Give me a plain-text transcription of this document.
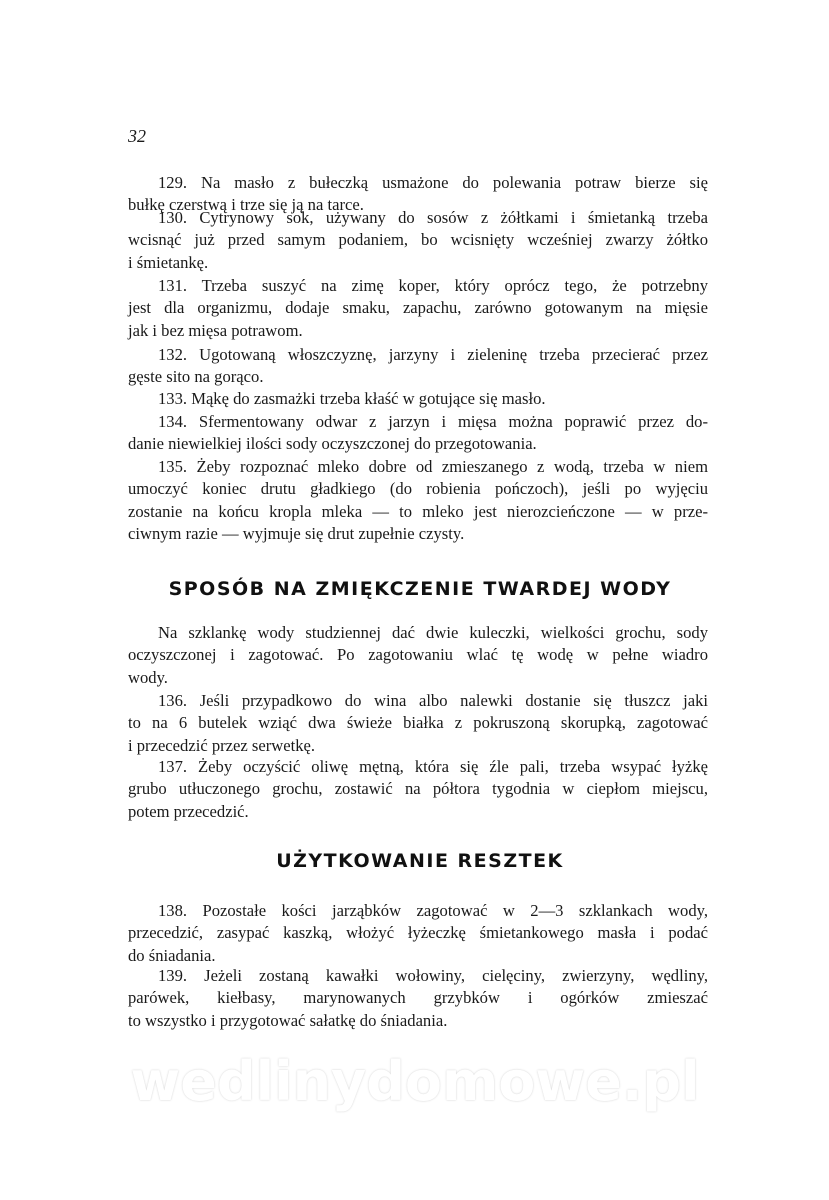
32
129. Na masło z bułeczką usmażone do polewania potraw bierze się
bułkę czerstwą i trze się ją na tarce.
130. Cytrynowy sok, używany do sosów z żółtkami i śmietanką trzeba
wcisnąć już przed samym podaniem, bo wcisnięty wcześniej zwarzy żółtko
i śmietankę.
131. Trzeba suszyć na zimę koper, który oprócz tego, że potrzebny
jest dla organizmu, dodaje smaku, zapachu, zarówno gotowanym na mięsie
jak i bez mięsa potrawom.
132. Ugotowaną włoszczyznę, jarzyny i zieleninę trzeba przecierać przez
gęste sito na gorąco.
133. Mąkę do zasmażki trzeba kłaść w gotujące się masło.
134. Sfermentowany odwar z jarzyn i mięsa można poprawić przez do-
danie niewielkiej ilości sody oczyszczonej do przegotowania.
135. Żeby rozpoznać mleko dobre od zmieszanego z wodą, trzeba w niem
umoczyć koniec drutu gładkiego (do robienia pończoch), jeśli po wyjęciu
zostanie na końcu kropla mleka — to mleko jest nierozcieńczone — w prze-
ciwnym razie — wyjmuje się drut zupełnie czysty.
SPOSÓB NA ZMIĘKCZENIE TWARDEJ WODY
Na szklankę wody studziennej dać dwie kuleczki, wielkości grochu, sody
oczyszczonej i zagotować. Po zagotowaniu wlać tę wodę w pełne wiadro
wody.
136. Jeśli przypadkowo do wina albo nalewki dostanie się tłuszcz jaki
to na 6 butelek wziąć dwa świeże białka z pokruszoną skorupką, zagotować
i przecedzić przez serwetkę.
137. Żeby oczyścić oliwę mętną, która się źle pali, trzeba wsypać łyżkę
grubo utłuczonego grochu, zostawić na półtora tygodnia w ciepłom miejscu,
potem przecedzić.
UŻYTKOWANIE RESZTEK
138. Pozostałe kości jarząbków zagotować w 2—3 szklankach wody,
przecedzić, zasypać kaszką, włożyć łyżeczkę śmietankowego masła i podać
do śniadania.
139. Jeżeli zostaną kawałki wołowiny, cielęciny, zwierzyny, wędliny,
parówek, kiełbasy, marynowanych grzybków i ogórków zmieszać
to wszystko i przygotować sałatkę do śniadania.
wedlinydomowe.pl
